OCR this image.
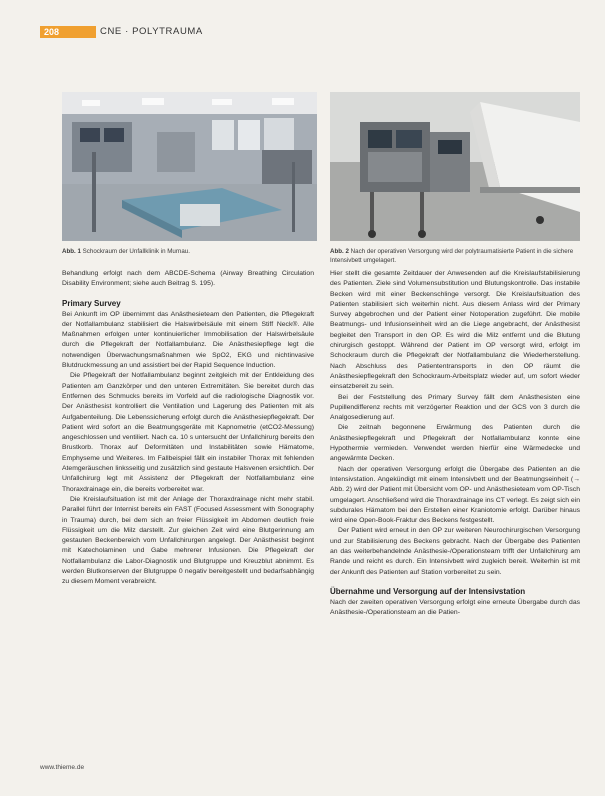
208	CNE · POLYTRAUMA
Abb. 1 Schockraum der Unfallklinik in Murnau.	Abb. 2 Nach der operativen Versorgung wird der polytraumatisierte Patient in die sichere Intensivbett umgelagert.

Behandlung erfolgt nach dem ABCDE-Schema (Airway Breathing Circulation Disability Environment; siehe auch Beitrag S. 195).

Primary Survey

Bei Ankunft im OP übernimmt das Anästhesieteam den Patienten, die Pflegekraft der Notfallambulanz stabilisiert die Halswirbelsäule mit einem Stiff Neck®. Alle Maßnahmen erfolgen unter kontinuierlicher Immobilisation der Halswirbelsäule durch die Pflegekraft der Notfallambulanz. Die Anästhesiepflege legt die notwendigen Überwachungsmaßnahmen wie SpO2, EKG und nichtinvasive Blutdruckmessung an und assistiert bei der Rapid Sequence Induction.

Die Pflegekraft der Notfallambulanz beginnt zeitgleich mit der Entkleidung des Patienten am Ganzkörper und den unteren Extremitäten. Sie bereitet durch das Entfernen des Schmucks bereits im Vorfeld auf die radiologische Diagnostik vor. Der Anästhesist kontrolliert die Ventilation und Lagerung des Patienten mit als Aufgabenteilung. Die Lebenssicherung erfolgt durch die Anästhesiepflegekraft. Der Patient wird sofort an die Beatmungsgeräte mit Kapnometrie (etCO2-Messung) angeschlossen und ventiliert. Nach ca. 10 s untersucht der Unfallchirurg bereits den Brustkorb. Thorax auf Deformitäten und Instabilitäten sowie Hämatome, Emphyseme und Weiteres. Im Fallbeispiel fällt ein instabiler Thorax mit fehlenden Atemgeräuschen linksseitig und zusätzlich sind gestaute Halsvenen ersichtlich. Der Unfallchirurg legt mit Assistenz der Pflegekraft der Notfallambulanz eine Thoraxdrainage ein, die bereits vorbereitet war.

Die Kreislaufsituation ist mit der Anlage der Thoraxdrainage nicht mehr stabil. Parallel führt der Internist bereits ein FAST (Focused Assessment with Sonography in Trauma) durch, bei dem sich an freier Flüssigkeit im Abdomen deutlich freie Flüssigkeit um die Milz darstellt. Zur gleichen Zeit wird eine Blutgerinnung am gestauten Beckenbereich vom Unfallchirurgen angelegt. Der Anästhesist beginnt mit Katecholaminen und Gabe mehrerer Infusionen. Die Pflegekraft der Notfallambulanz die Labor-Diagnostik und Blutgruppe und Kreuzblut abnimmt. Es werden Blutkonserven der Blutgruppe 0 negativ bereitgestellt und bedarfsabhängig zu diesem Moment verabreicht.

Hier stellt die gesamte Zeitdauer der Anwesenden auf die Kreislaufstabilisierung des Patienten. Ziele sind Volumensubstitution und Blutungskontrolle. Das instabile Becken wird mit einer Beckenschlinge versorgt. Die Kreislaufsituation des Patienten stabilisiert sich weiterhin nicht. Aus diesem Anlass wird der Primary Survey abgebrochen und der Patient einer Notoperation zugeführt. Die mobile Beatmungs- und Infusionseinheit wird an die Liege angebracht, der Anästhesist begleitet den Transport in den OP. Es wird die Milz entfernt und die Blutung chirurgisch gestoppt. Während der Patient im OP versorgt wird, erfolgt im Schockraum durch die Pflegekraft der Notfallambulanz die Wiederherstellung. Nach Abschluss des Patiententransports in den OP räumt die Anästhesiepflegekraft den Schockraum-Arbeitsplatz wieder auf, um sofort wieder einsatzbereit zu sein.

Bei der Feststellung des Primary Survey fällt dem Anästhesisten eine Pupillendifferenz rechts mit verzögerter Reaktion und der GCS von 3 durch die Analgosedierung auf.

Die zeitnah begonnene Erwärmung des Patienten durch die Anästhesiepflegekraft und Pflegekraft der Notfallambulanz konnte eine Hypothermie vermieden. Verwendet werden hierfür eine Wärmedecke und angewärmte Decken.

Nach der operativen Versorgung erfolgt die Übergabe des Patienten an die Intensivstation. Angekündigt mit einem Intensivbett und der Beatmungseinheit (→ Abb. 2) wird der Patient mit Übersicht vom OP- und Anästhesieteam vom OP-Tisch umgelagert. Anschließend wird die Thoraxdrainage ins CT verlegt. Es zeigt sich ein subdurales Hämatom bei den Erstellen einer Kraniotomie erfolgt. Darüber hinaus wird eine Open-Book-Fraktur des Beckens festgestellt.

Der Patient wird erneut in den OP zur weiteren Neurochirurgischen Versorgung und zur Stabilisierung des Beckens gebracht. Nach der Übergabe des Patienten an das weiterbehandelnde Anästhesie-/Operationsteam trifft der Unfallchirurg am Rande und reicht es durch. Ein Intensivbett wird zugleich bereit. Weiterhin ist mit der Ankunft des Patienten auf Station vorbereitet zu sein.

Übernahme und Versorgung auf der Intensivstation

Nach der zweiten operativen Versorgung erfolgt eine erneute Übergabe durch das Anästhesie-/Operationsteam an die Patien-

www.thieme.de
